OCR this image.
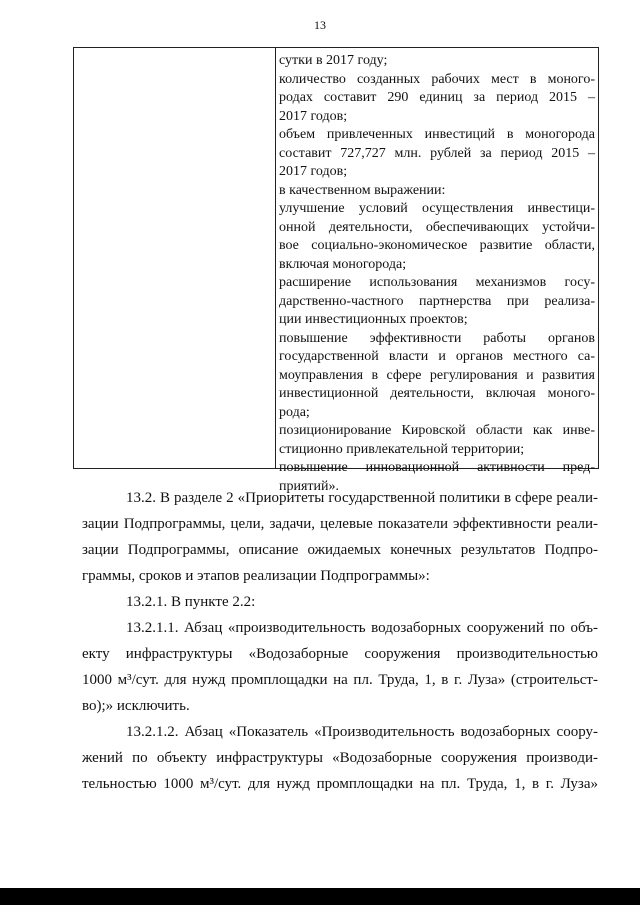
13
сутки в 2017 году;
количество созданных рабочих мест в моного-
родах составит 290 единиц за период 2015 –
2017 годов;
объем привлеченных инвестиций в моногорода
составит 727,727 млн. рублей за период 2015 –
2017 годов;
в качественном выражении:
улучшение условий осуществления инвестици-
онной деятельности, обеспечивающих устойчи-
вое социально-экономическое развитие области,
включая моногорода;
расширение использования механизмов госу-
дарственно-частного партнерства при реализа-
ции инвестиционных проектов;
повышение эффективности работы органов
государственной власти и органов местного са-
моуправления в сфере регулирования и развития
инвестиционной деятельности, включая моного-
рода;
позиционирование Кировской области как инве-
стиционно привлекательной территории;
повышение инновационной активности пред-
приятий».
13.2. В разделе 2 «Приоритеты государственной политики в сфере реали-
зации Подпрограммы, цели, задачи, целевые показатели эффективности реали-
зации Подпрограммы, описание ожидаемых конечных результатов Подпро-
граммы, сроков и этапов реализации Подпрограммы»:
13.2.1. В пункте 2.2:
13.2.1.1. Абзац «производительность водозаборных сооружений по объ-
екту инфраструктуры «Водозаборные сооружения производительностью
1000 м³/сут. для нужд промплощадки на пл. Труда, 1, в г. Луза» (строительст-
во);» исключить.
13.2.1.2. Абзац «Показатель «Производительность водозаборных соору-
жений по объекту инфраструктуры «Водозаборные сооружения производи-
тельностью 1000 м³/сут. для нужд промплощадки на пл. Труда, 1, в г. Луза»
